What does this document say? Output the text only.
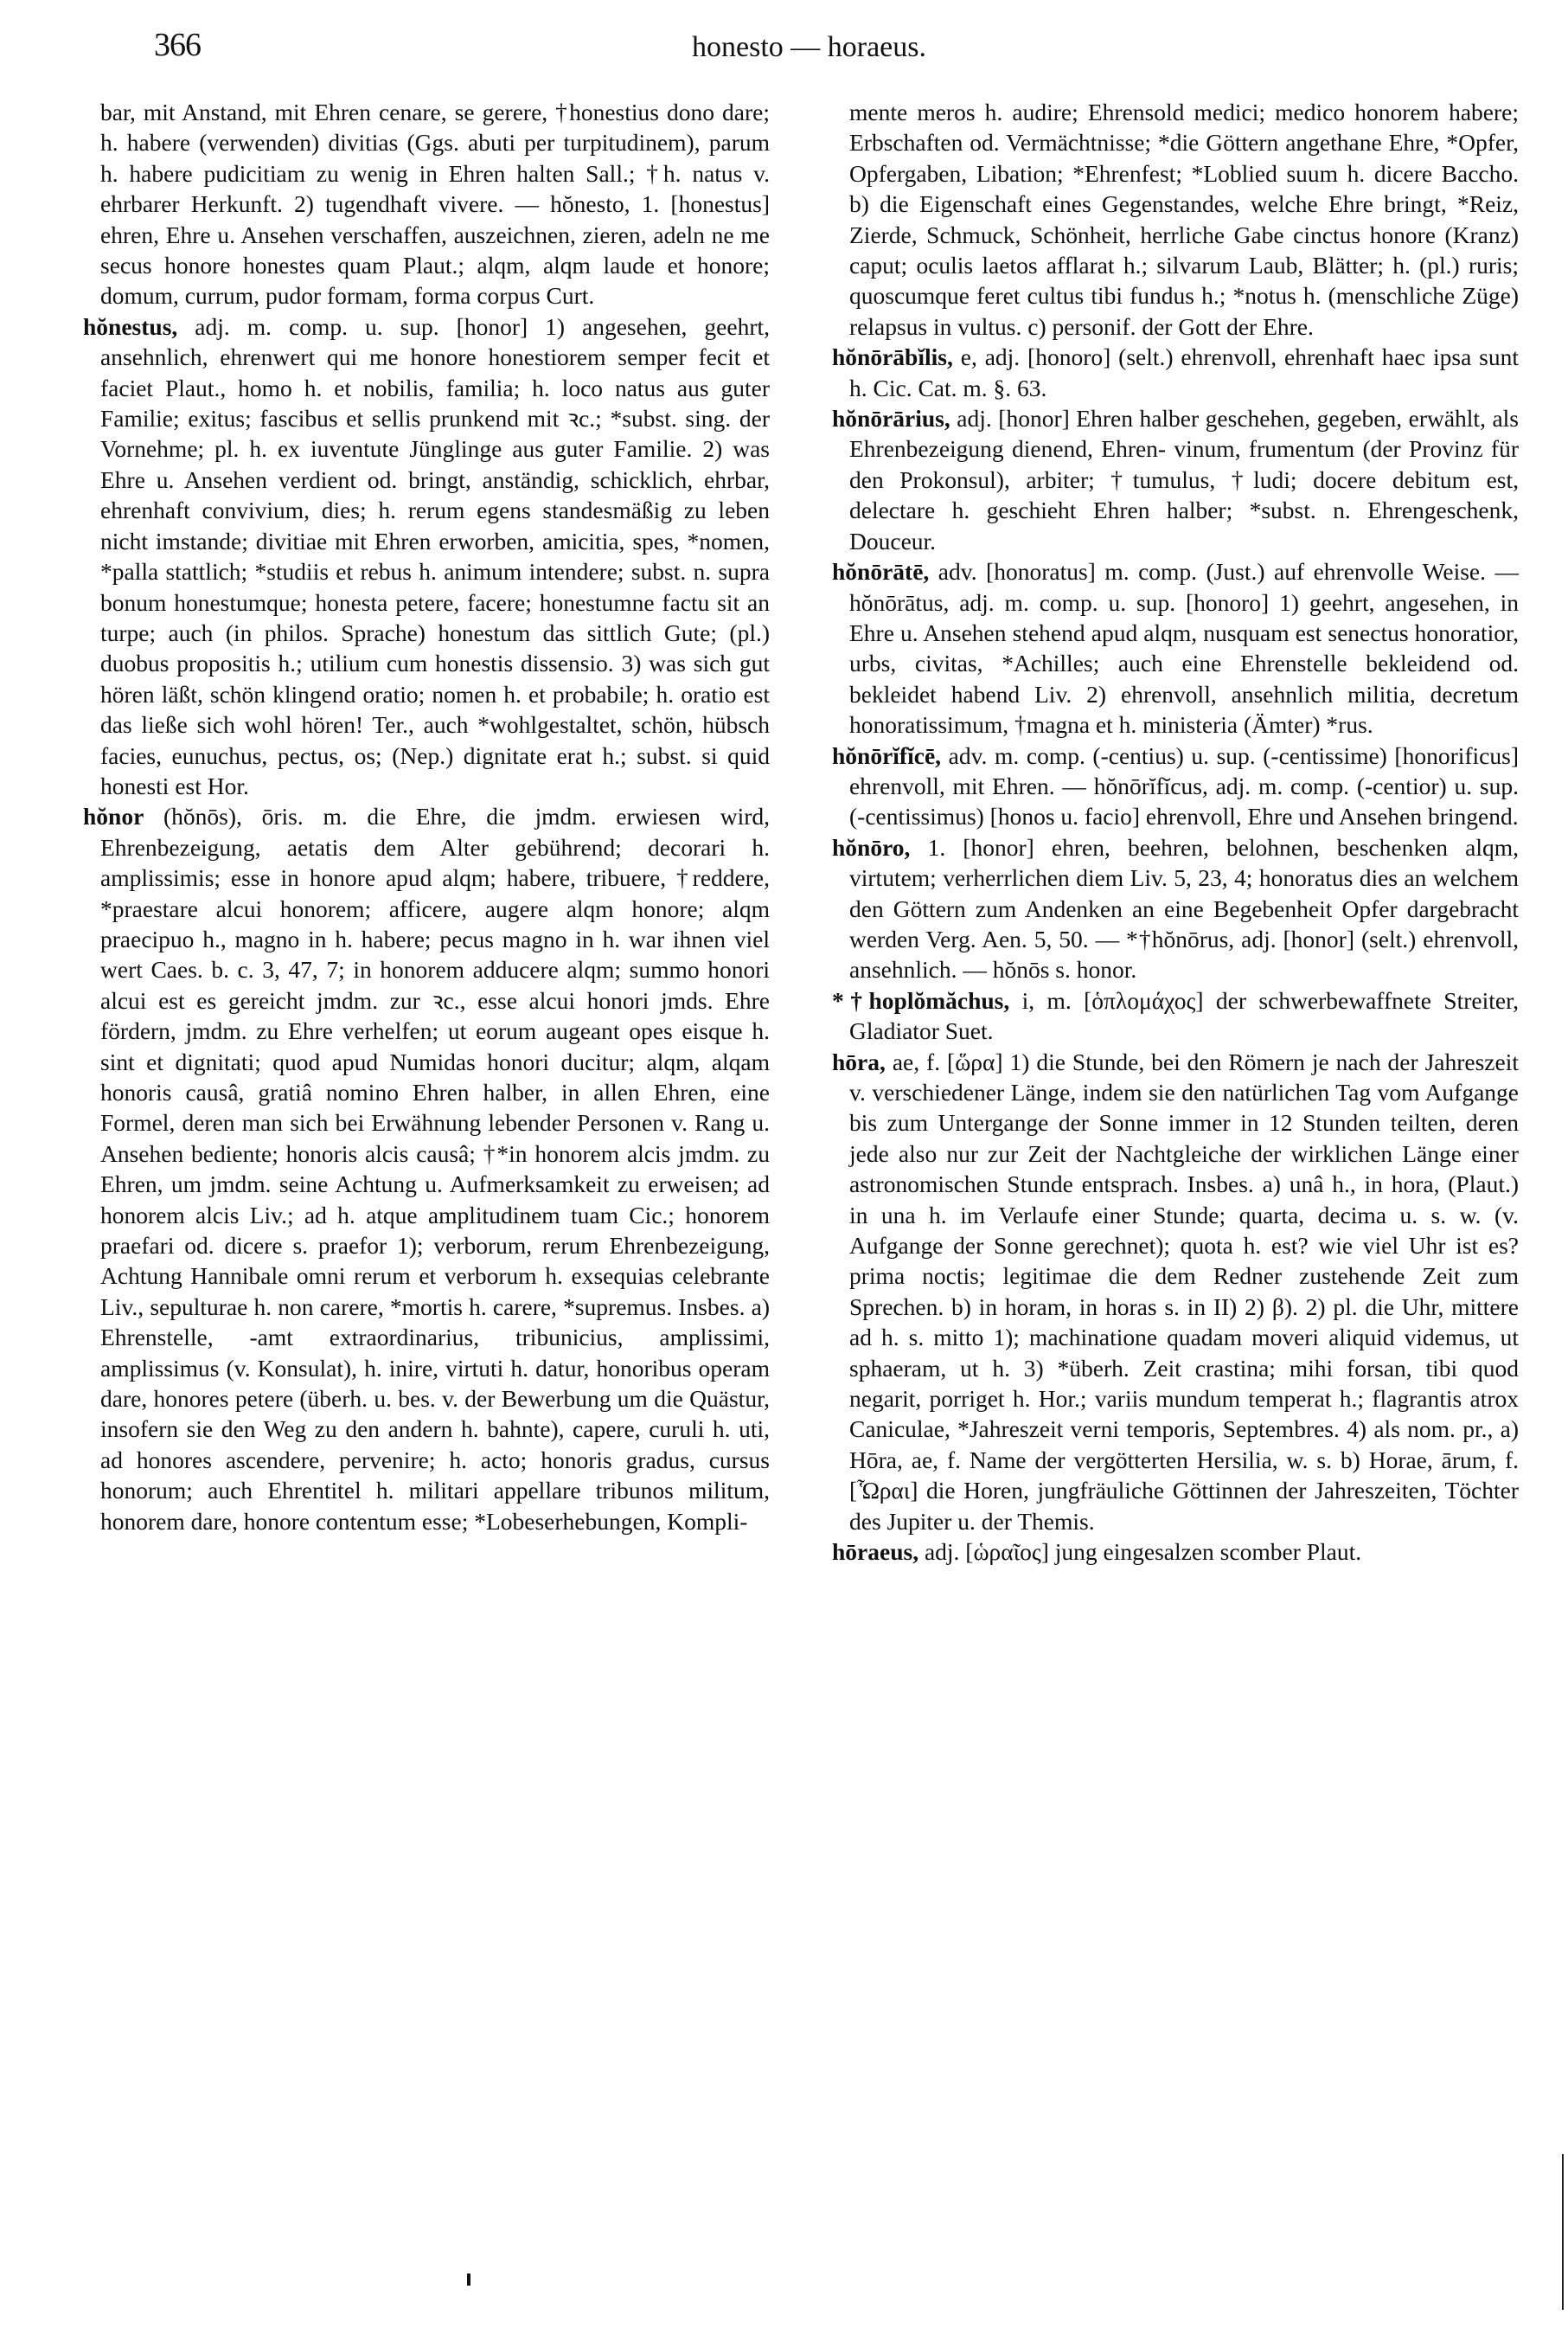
366	honesto — horaeus.

bar, mit Anstand, mit Ehren cenare, se gerere, †honestius dono dare; h. habere (verwenden) divitias (Ggs. abuti per turpitudinem), parum h. habere pudicitiam zu wenig in Ehren halten Sall.; †h. natus v. ehrbarer Herkunft. 2) tugendhaft vivere. — hŏnesto, 1. [honestus] ehren, Ehre u. Ansehen verschaffen, auszeichnen, zieren, adeln ne me secus honore honestes quam Plaut.; alqm, alqm laude et honore; domum, currum, pudor formam, forma corpus Curt.

hŏnestus, adj. m. comp. u. sup. [honor] 1) angesehen, geehrt, ansehnlich, ehrenwert qui me honore honestiorem semper fecit et faciet Plaut., homo h. et nobilis, familia; h. loco natus aus guter Familie; exitus; fascibus et sellis prunkend mit ꝛc.; *subst. sing. der Vornehme; pl. h. ex iuventute Jünglinge aus guter Familie. 2) was Ehre u. Ansehen verdient od. bringt, anständig, schicklich, ehrbar, ehrenhaft convivium, dies; h. rerum egens standesmäßig zu leben nicht imstande; divitiae mit Ehren erworben, amicitia, spes, *nomen, *palla stattlich; *studiis et rebus h. animum intendere; subst. n. supra bonum honestumque; honesta petere, facere; honestumne factu sit an turpe; auch (in philos. Sprache) honestum das sittlich Gute; (pl.) duobus propositis h.; utilium cum honestis dissensio. 3) was sich gut hören läßt, schön klingend oratio; nomen h. et probabile; h. oratio est das ließe sich wohl hören! Ter., auch *wohlgestaltet, schön, hübsch facies, eunuchus, pectus, os; (Nep.) dignitate erat h.; subst. si quid honesti est Hor.

hŏnor (hŏnōs), ōris. m. die Ehre, die jmdm. erwiesen wird, Ehrenbezeigung, aetatis dem Alter gebührend; decorari h. amplissimis; esse in honore apud alqm; habere, tribuere, †reddere, *praestare alcui honorem; afficere, augere alqm honore; alqm praecipuo h., magno in h. habere; pecus magno in h. war ihnen viel wert Caes. b. c. 3, 47, 7; in honorem adducere alqm; summo honori alcui est es gereicht jmdm. zur ꝛc., esse alcui honori jmds. Ehre fördern, jmdm. zu Ehre verhelfen; ut eorum augeant opes eisque h. sint et dignitati; quod apud Numidas honori ducitur; alqm, alqam honoris causâ, gratiâ nomino Ehren halber, in allen Ehren, eine Formel, deren man sich bei Erwähnung lebender Personen v. Rang u. Ansehen bediente; honoris alcis causâ; †*in honorem alcis jmdm. zu Ehren, um jmdm. seine Achtung u. Aufmerksamkeit zu erweisen; ad honorem alcis Liv.; ad h. atque amplitudinem tuam Cic.; honorem praefari od. dicere s. praefor 1); verborum, rerum Ehrenbezeigung, Achtung Hannibale omni rerum et verborum h. exsequias celebrante Liv., sepulturae h. non carere, *mortis h. carere, *supremus. Insbes. a) Ehrenstelle, -amt extraordinarius, tribunicius, amplissimi, amplissimus (v. Konsulat), h. inire, virtuti h. datur, honoribus operam dare, honores petere (überh. u. bes. v. der Bewerbung um die Quästur, insofern sie den Weg zu den andern h. bahnte), capere, curuli h. uti, ad honores ascendere, pervenire; h. acto; honoris gradus, cursus honorum; auch Ehrentitel h. militari appellare tribunos militum, honorem dare, honore contentum esse; *Lobeserhebungen, Kompli-

mente meros h. audire; Ehrensold medici; medico honorem habere; Erbschaften od. Vermächtnisse; *die Göttern angethane Ehre, *Opfer, Opfergaben, Libation; *Ehrenfest; *Loblied suum h. dicere Baccho. b) die Eigenschaft eines Gegenstandes, welche Ehre bringt, *Reiz, Zierde, Schmuck, Schönheit, herrliche Gabe cinctus honore (Kranz) caput; oculis laetos afflarat h.; silvarum Laub, Blätter; h. (pl.) ruris; quoscumque feret cultus tibi fundus h.; *notus h. (menschliche Züge) relapsus in vultus. c) personif. der Gott der Ehre.

hŏnōrābĭlis, e, adj. [honoro] (selt.) ehrenvoll, ehrenhaft haec ipsa sunt h. Cic. Cat. m. §. 63.

hŏnōrārius, adj. [honor] Ehren halber geschehen, gegeben, erwählt, als Ehrenbezeigung dienend, Ehren- vinum, frumentum (der Provinz für den Prokonsul), arbiter; †tumulus, †ludi; docere debitum est, delectare h. geschieht Ehren halber; *subst. n. Ehrengeschenk, Douceur.

hŏnōrātē, adv. [honoratus] m. comp. (Just.) auf ehrenvolle Weise. — hŏnōrātus, adj. m. comp. u. sup. [honoro] 1) geehrt, angesehen, in Ehre u. Ansehen stehend apud alqm, nusquam est senectus honoratior, urbs, civitas, *Achilles; auch eine Ehrenstelle bekleidend od. bekleidet habend Liv. 2) ehrenvoll, ansehnlich militia, decretum honoratissimum, †magna et h. ministeria (Ämter) *rus.

hŏnōrĭfĭcē, adv. m. comp. (-centius) u. sup. (-centissime) [honorificus] ehrenvoll, mit Ehren. — hŏnōrĭfĭcus, adj. m. comp. (-centior) u. sup. (-centissimus) [honos u. facio] ehrenvoll, Ehre und Ansehen bringend.

hŏnōro, 1. [honor] ehren, beehren, belohnen, beschenken alqm, virtutem; verherrlichen diem Liv. 5, 23, 4; honoratus dies an welchem den Göttern zum Andenken an eine Begebenheit Opfer dargebracht werden Verg. Aen. 5, 50. — *†hŏnōrus, adj. [honor] (selt.) ehrenvoll, ansehnlich. — hŏnōs s. honor.

*†hoplŏmăchus, i, m. [ὁπλομάχος] der schwerbewaffnete Streiter, Gladiator Suet.

hōra, ae, f. [ὥρα] 1) die Stunde, bei den Römern je nach der Jahreszeit v. verschiedener Länge, indem sie den natürlichen Tag vom Aufgange bis zum Untergange der Sonne immer in 12 Stunden teilten, deren jede also nur zur Zeit der Nachtgleiche der wirklichen Länge einer astronomischen Stunde entsprach. Insbes. a) unâ h., in hora, (Plaut.) in una h. im Verlaufe einer Stunde; quarta, decima u. s. w. (v. Aufgange der Sonne gerechnet); quota h. est? wie viel Uhr ist es? prima noctis; legitimae die dem Redner zustehende Zeit zum Sprechen. b) in horam, in horas s. in II) 2) β). 2) pl. die Uhr, mittere ad h. s. mitto 1); machinatione quadam moveri aliquid videmus, ut sphaeram, ut h. 3) *überh. Zeit crastina; mihi forsan, tibi quod negarit, porriget h. Hor.; variis mundum temperat h.; flagrantis atrox Caniculae, *Jahreszeit verni temporis, Septembres. 4) als nom. pr., a) Hōra, ae, f. Name der vergötterten Hersilia, w. s. b) Horae, ārum, f. [Ὧραι] die Horen, jungfräuliche Göttinnen der Jahreszeiten, Töchter des Jupiter u. der Themis.

hōraeus, adj. [ὡραῖος] jung eingesalzen scomber Plaut.
